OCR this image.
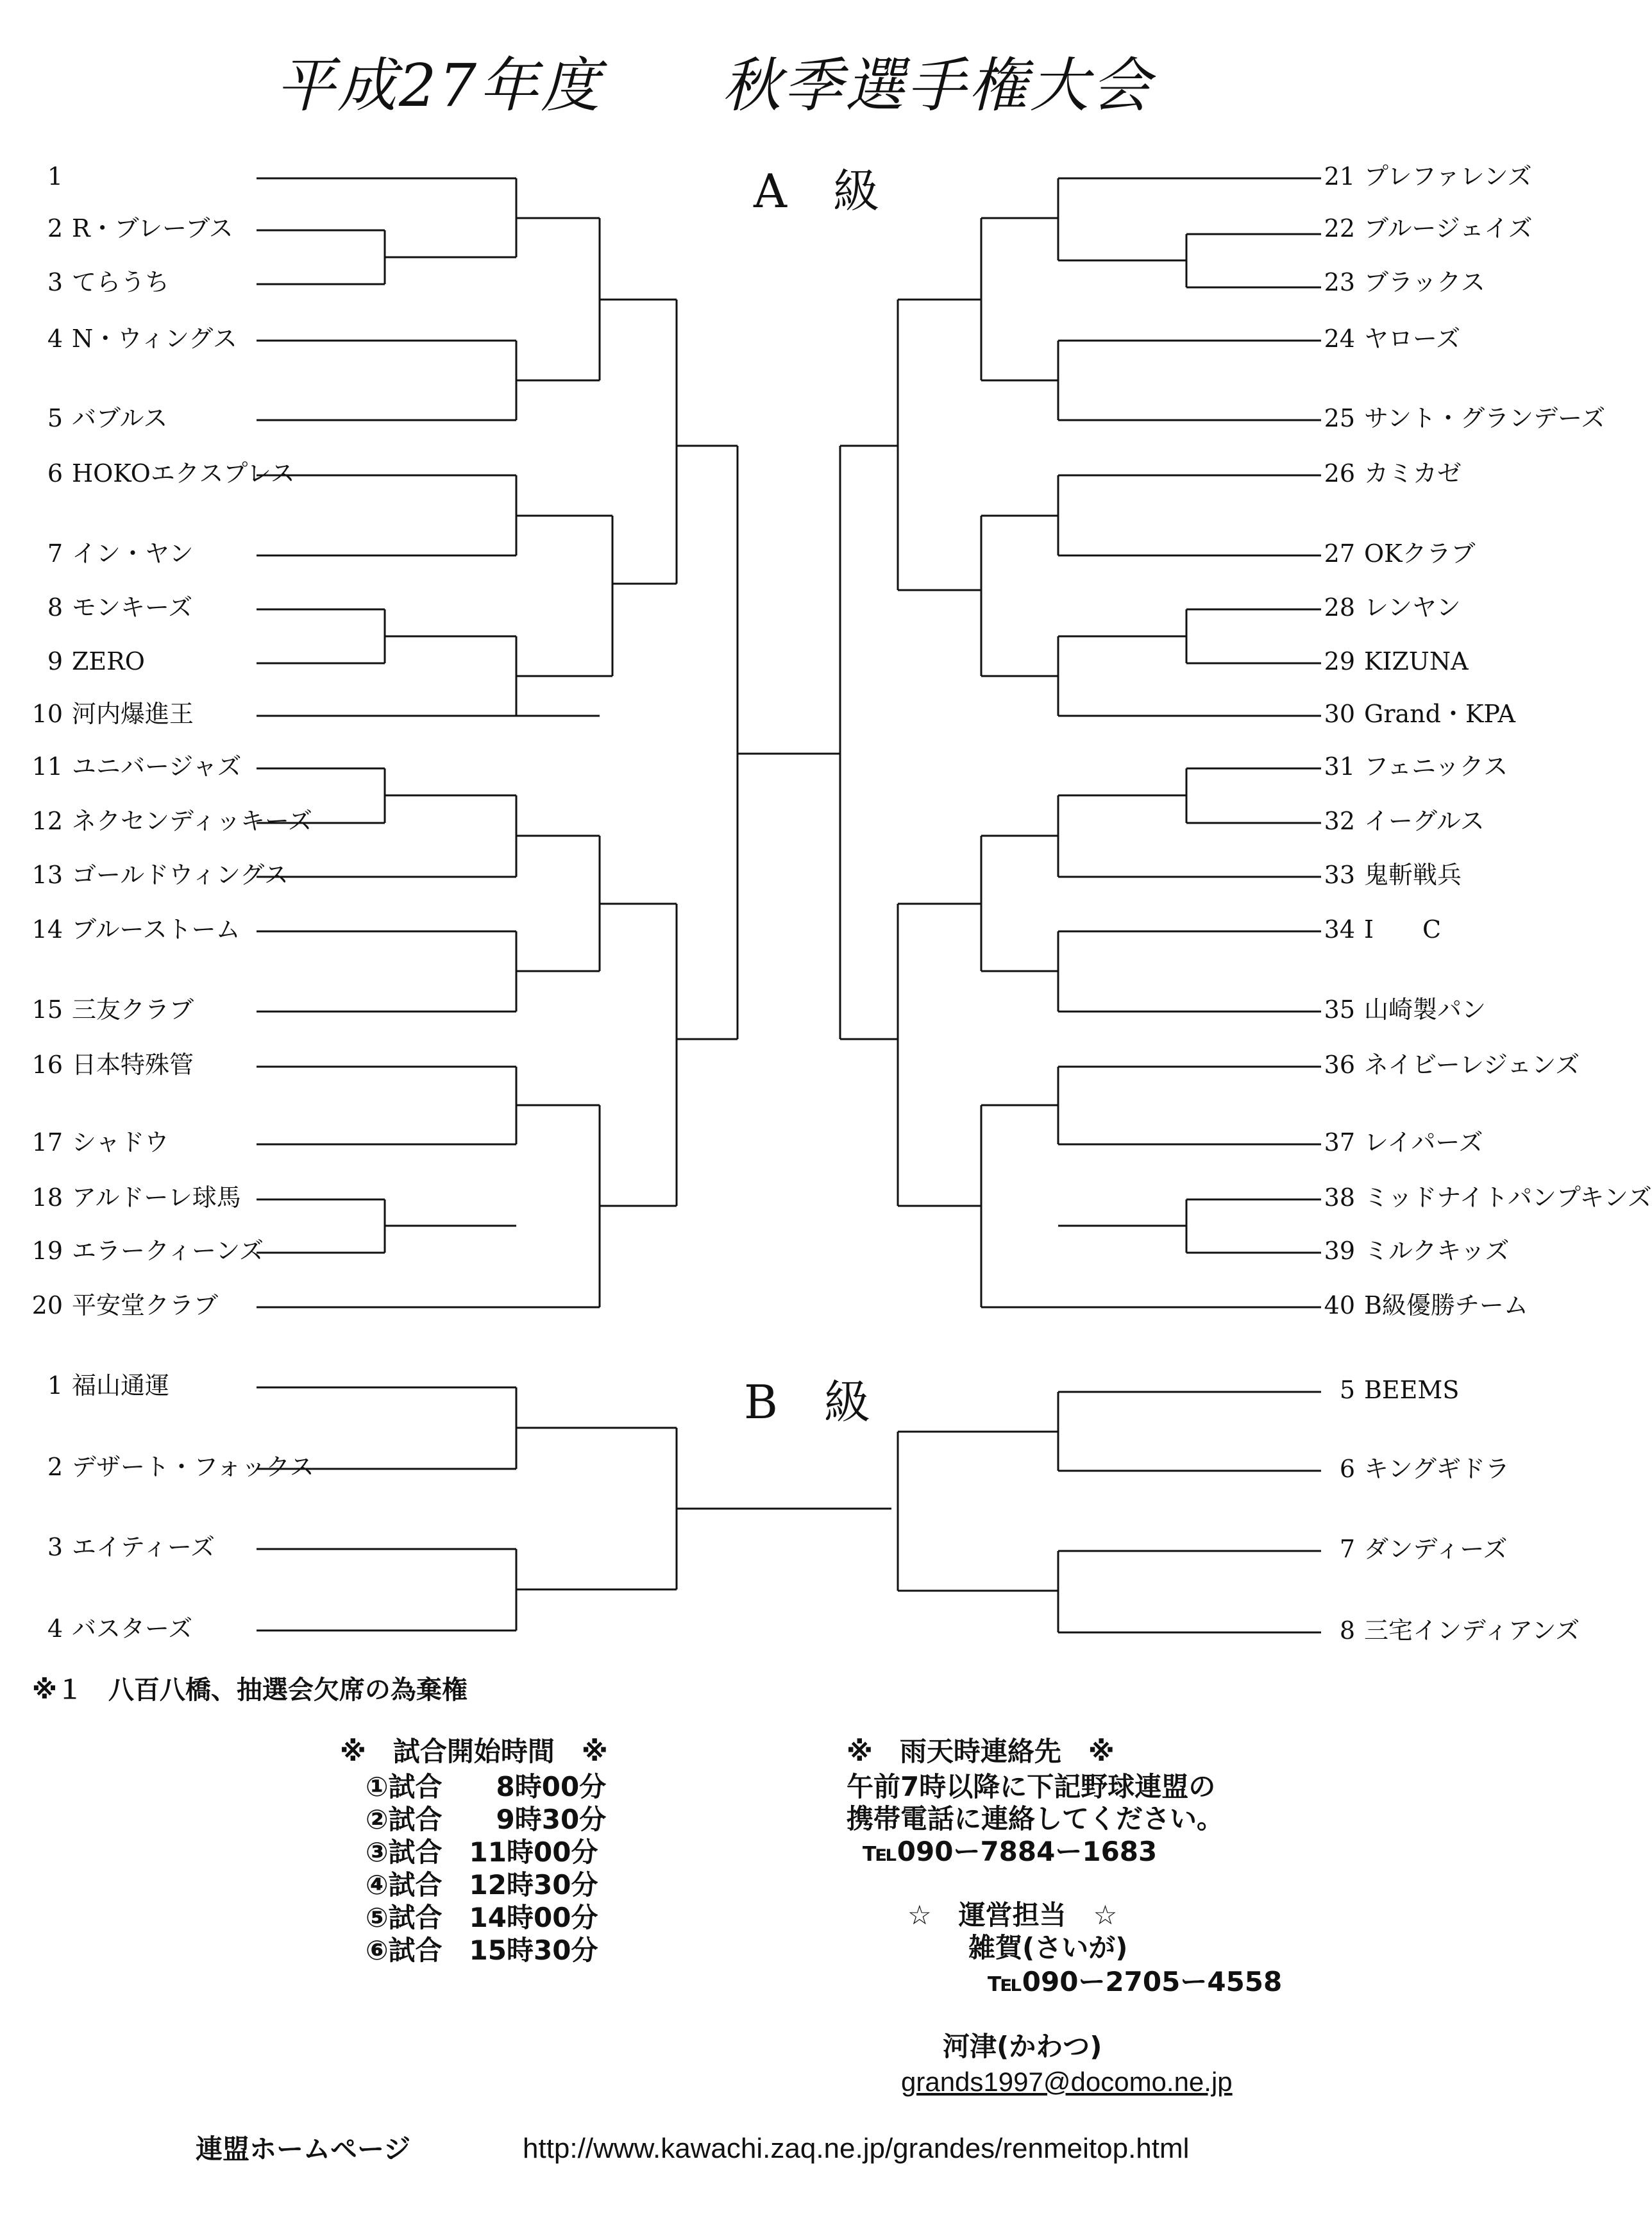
平成27年度 秋季選手権大会
A　級
B　級
1
2 R・ブレーブス
3 てらうち
4 N・ウィングス
5 バブルス
6 HOKOエクスプレス
7 イン・ヤン
8 モンキーズ
9 ZERO
10 河内爆進王
11 ユニバージャズ
12 ネクセンディッキーズ
13 ゴールドウィングス
14 ブルーストーム
15 三友クラブ
16 日本特殊管
17 シャドウ
18 アルドーレ球馬
19 エラークィーンズ
20 平安堂クラブ
21 プレファレンズ
22 ブルージェイズ
23 ブラックス
24 ヤローズ
25 サント・グランデーズ
26 カミカゼ
27 OKクラブ
28 レンヤン
29 KIZUNA
30 Grand・KPA
31 フェニックス
32 イーグルス
33 鬼斬戦兵
34 I　　C
35 山崎製パン
36 ネイビーレジェンズ
37 レイパーズ
38 ミッドナイトパンプキンズ
39 ミルクキッズ
40 B級優勝チーム
1 福山通運
2 デザート・フォックス
3 エイティーズ
4 バスターズ
5 BEEMS
6 キングギドラ
7 ダンディーズ
8 三宅インディアンズ
※１　八百八橋、抽選会欠席の為棄権
※　試合開始時間　※
①試合　　8時00分
②試合　　9時30分
③試合　11時00分
④試合　12時30分
⑤試合　14時00分
⑥試合　15時30分
※　雨天時連絡先　※
午前7時以降に下記野球連盟の
携帯電話に連絡してください。
℡090ー7884ー1683
☆　運営担当　☆
雑賀(さいが)
℡090ー2705ー4558
河津(かわつ)
grands1997@docomo.ne.jp
連盟ホームページ	http://www.kawachi.zaq.ne.jp/grandes/renmeitop.html
